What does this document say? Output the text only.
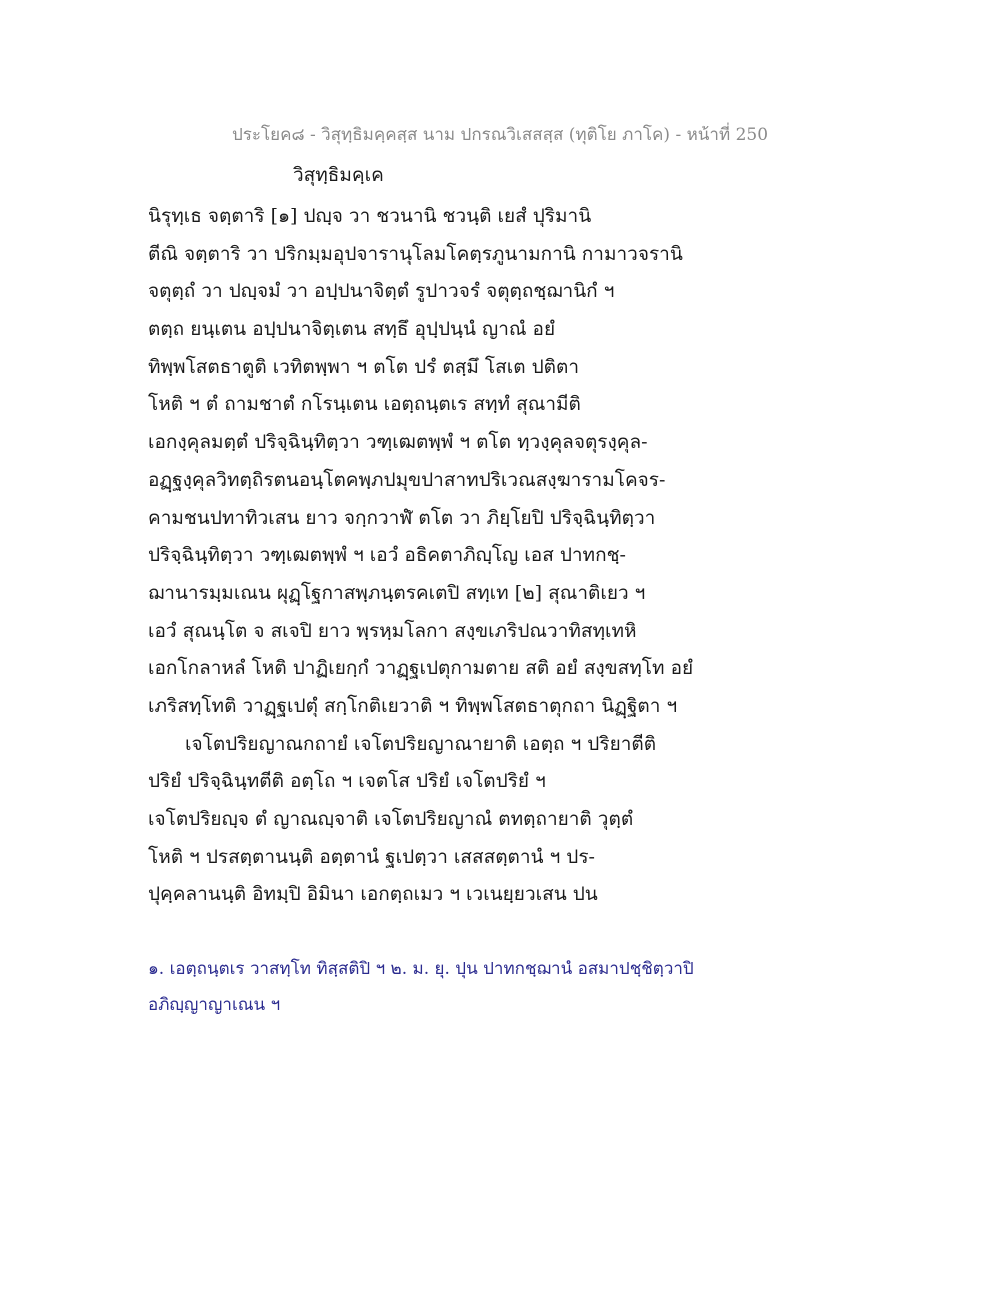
ประโยค๘ - วิสุทฺธิมคฺคสฺส นาม ปกรณวิเสสสฺส (ทุติโย ภาโค) - หน้าที่ 250
วิสุทฺธิมคฺเค
นิรุทฺเธ จตฺตาริ [๑] ปญฺจ วา ชวนานิ ชวนฺติ เยสํ ปุริมานิ
ตีณิ จตฺตาริ วา ปริกมฺมอุปจารานุโลมโคตฺรภูนามกานิ กามาวจรานิ
จตุตฺถํ วา ปญฺจมํ วา อปฺปนาจิตฺตํ รูปาวจรํ จตุตฺถชฺฌานิกํ ฯ
ตตฺถ ยนฺเตน อปฺปนาจิตฺเตน สทฺธึ อุปฺปนฺนํ ญาณํ อยํ
ทิพฺพโสตธาตูติ เวทิตพฺพา ฯ ตโต ปรํ ตสฺมึ โสเต ปติตา
โหติ ฯ ตํ ถามชาตํ กโรนฺเตน เอตฺถนฺตเร สทฺทํ สุณามีติ
เอกงฺคุลมตฺตํ ปริจฺฉินฺทิตฺวา วฑฺเฒตพฺพํ ฯ ตโต ทฺวงฺคุลจตุรงฺคุล-
อฏฺฐงฺคุลวิทตฺถิรตนอนฺโตคพฺภปมุขปาสาทปริเวณสงฺฆารามโคจร-
คามชนปทาทิวเสน ยาว จกฺกวาฬํ ตโต วา ภิยฺโยปิ ปริจฺฉินฺทิตฺวา
ปริจฺฉินฺทิตฺวา วฑฺเฒตพฺพํ ฯ เอวํ อธิคตาภิญฺโญ เอส ปาทกชฺ-
ฌานารมฺมเณน ผุฏฺโฐกาสพฺภนฺตรคเตปิ สทฺเท [๒] สุณาติเยว ฯ
เอวํ สุณนฺโต จ สเจปิ ยาว พฺรหฺมโลกา สงฺขเภริปณวาทิสทฺเทหิ
เอกโกลาหลํ โหติ ปาฏิเยกฺกํ วาฏฺฐเปตุกามตาย สติ อยํ สงฺขสทฺโท อยํ
เภริสทฺโทติ วาฏฺฐเปตุํ สกฺโกติเยวาติ ฯ ทิพฺพโสตธาตุกถา นิฏฺฐิตา ฯ
เจโตปริยญาณกถายํ เจโตปริยญาณายาติ เอตฺถ ฯ ปริยาตีติ
ปริยํ ปริจฺฉินฺทตีติ อตฺโถ ฯ เจตโส ปริยํ เจโตปริยํ ฯ
เจโตปริยญฺจ ตํ ญาณญฺจาติ เจโตปริยญาณํ ตทตฺถายาติ วุตฺตํ
โหติ ฯ ปรสตฺตานนฺติ อตฺตานํ ฐเปตฺวา เสสสตฺตานํ ฯ ปร-
ปุคฺคลานนฺติ อิทมฺปิ อิมินา เอกตฺถเมว ฯ เวเนยฺยวเสน ปน
๑. เอตฺถนฺตเร วาสทฺโท ทิสฺสติปิ ฯ ๒. ม. ยุ. ปุน ปาทกชฺฌานํ อสมาปชฺชิตฺวาปิ
อภิญฺญาญาเณน ฯ
